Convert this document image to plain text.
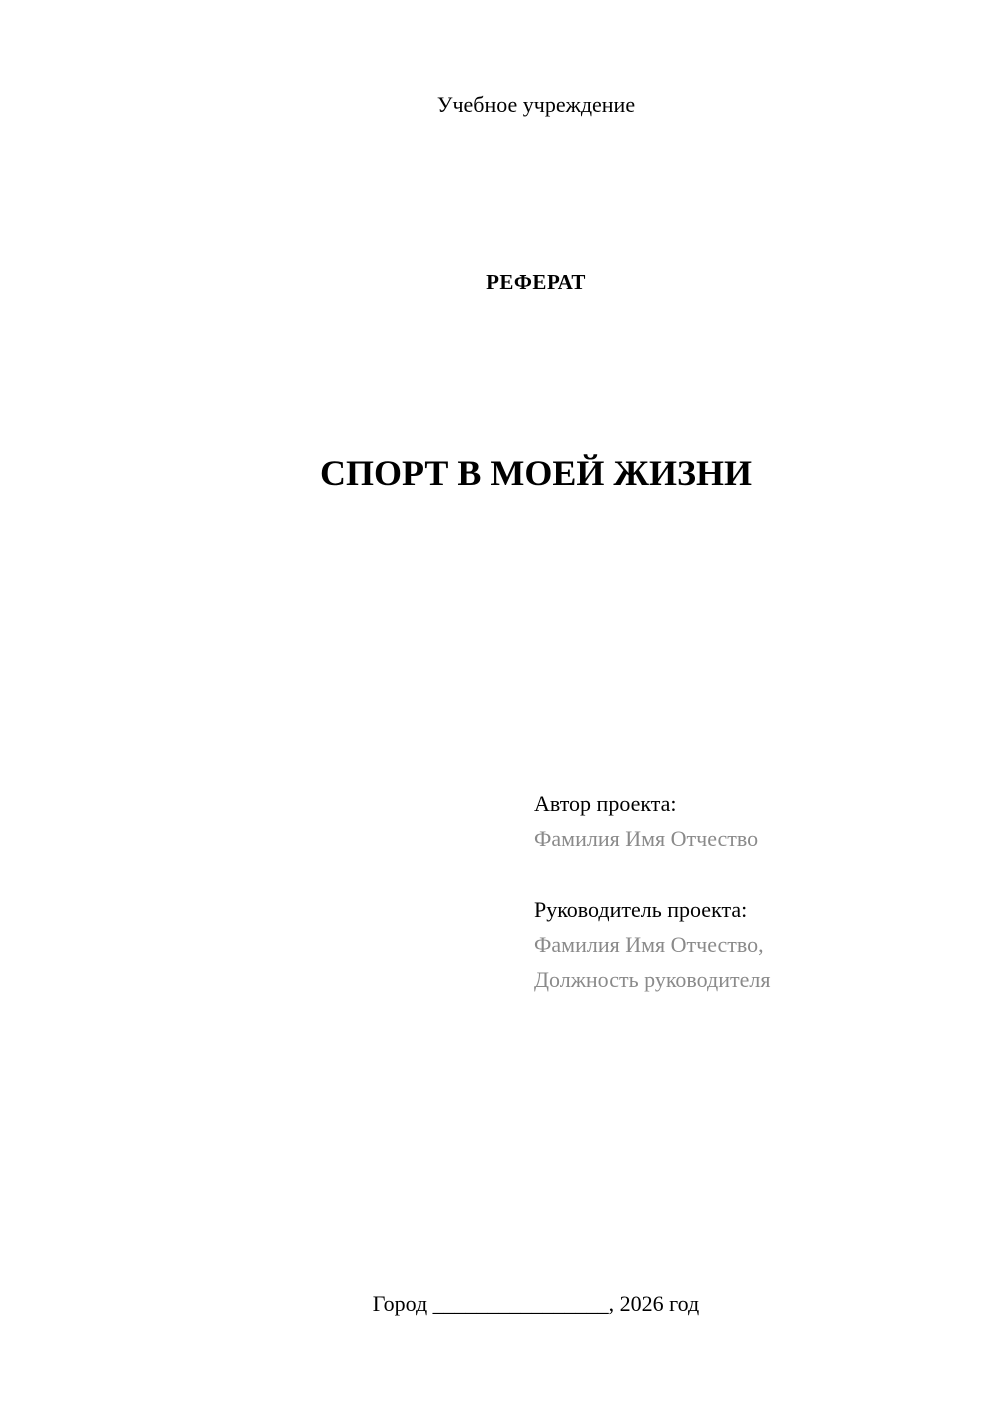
Учебное учреждение
РЕФЕРАТ
СПОРТ В МОЕЙ ЖИЗНИ
Автор проекта:
Фамилия Имя Отчество
Руководитель проекта:
Фамилия Имя Отчество,
Должность руководителя
Город ________________, 2026 год
